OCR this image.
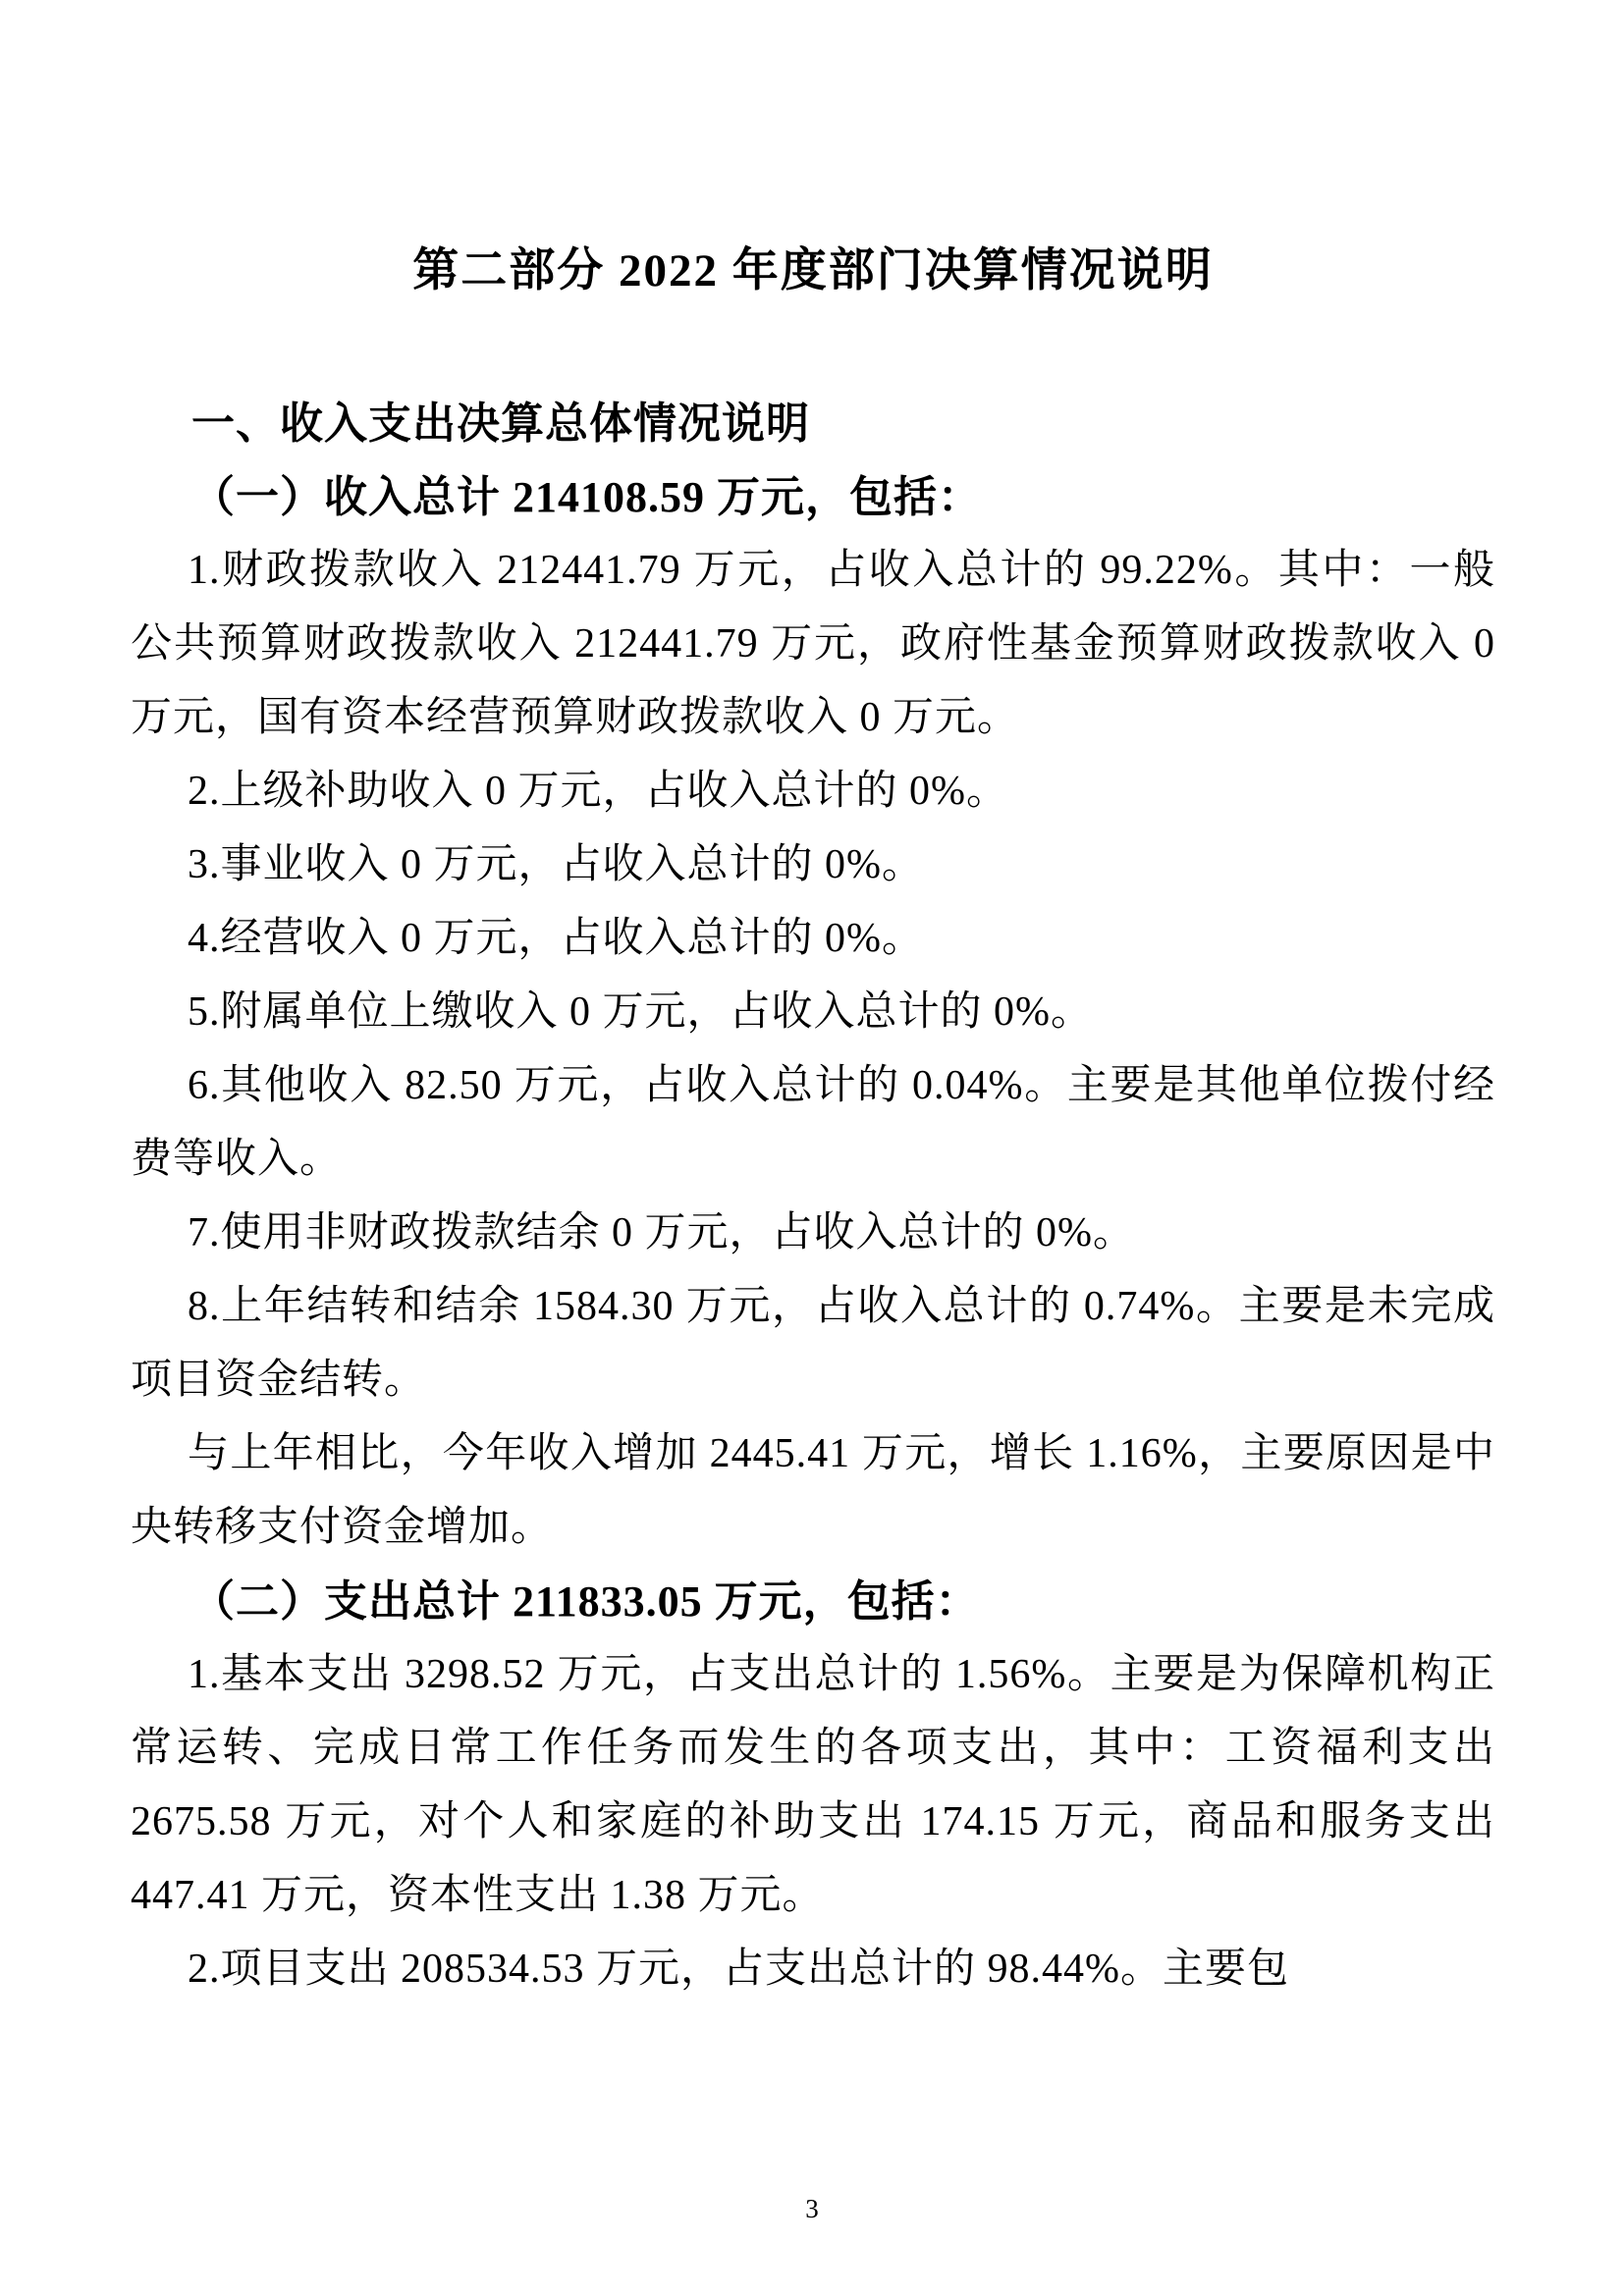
第二部分 2022 年度部门决算情况说明
一、收入支出决算总体情况说明

（一）收入总计 214108.59 万元，包括：

1.财政拨款收入 212441.79 万元，占收入总计的 99.22%。其中：一般公共预算财政拨款收入 212441.79 万元，政府性基金预算财政拨款收入 0 万元，国有资本经营预算财政拨款收入 0 万元。

2.上级补助收入 0 万元，占收入总计的 0%。

3.事业收入 0 万元，占收入总计的 0%。

4.经营收入 0 万元，占收入总计的 0%。

5.附属单位上缴收入 0 万元，占收入总计的 0%。

6.其他收入 82.50 万元，占收入总计的 0.04%。主要是其他单位拨付经费等收入。

7.使用非财政拨款结余 0 万元，占收入总计的 0%。

8.上年结转和结余 1584.30 万元，占收入总计的 0.74%。主要是未完成项目资金结转。

与上年相比，今年收入增加 2445.41 万元，增长 1.16%，主要原因是中央转移支付资金增加。

（二）支出总计 211833.05 万元，包括：

1.基本支出 3298.52 万元，占支出总计的 1.56%。主要是为保障机构正常运转、完成日常工作任务而发生的各项支出，其中：工资福利支出 2675.58 万元，对个人和家庭的补助支出 174.15 万元，商品和服务支出 447.41 万元，资本性支出 1.38 万元。

2.项目支出 208534.53 万元，占支出总计的 98.44%。主要包

3
